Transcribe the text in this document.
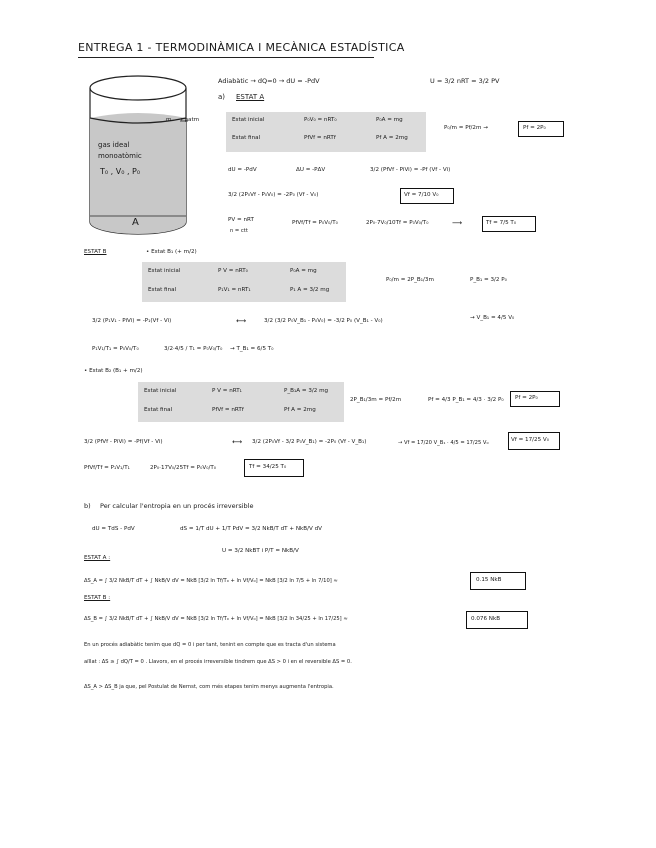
ENTREGA 1 - TERMODINÀMICA I MECÀNICA ESTADÍSTICA
m → patm
gas ideal
monoatòmic
T₀ , V₀ , P₀
A
Adiabàtic → dQ=0 → dU = -PdV	U = 3/2 nRT = 3/2 PV
a) ESTAT A
Estat inicial	P₀V₀ = nRT₀	P₀A = mg
Estat final	PfVf = nRTf	Pf A = 2mg
P₀/m = Pf/2m →	Pf = 2P₀
dU = -PdV	ΔU = -PΔV	3/2 (PfVf - PiVi) = -Pf (Vf - Vi)
3/2 (2P₀Vf - P₀V₀) = -2P₀ (Vf - V₀)	Vf = 7/10 V₀
PV = nRT
n = ctt
PfVf/Tf = P₀V₀/T₀	2P₀·7V₀/10Tf = P₀V₀/T₀	⟶	Tf = 7/5 T₀
ESTAT B	• Estat B₁ (+ m/2)
Estat inicial	P V = nRT₀	P₀A = mg
Estat final	P₁V₁ = nRT₁	P₁ A = 3/2 mg
P₀/m = 2P_B₁/3m	P_B₁ = 3/2 P₀
3/2 (P₁V₁ - PiVi) = -P₁(Vf - Vi)	⟷	3/2 (3/2 P₀V_B₁ - P₀V₀) = -3/2 P₀ (V_B₁ - V₀)	→ V_B₁ = 4/5 V₀
P₁V₁/T₁ = P₀V₀/T₀	3/2·4/5 / T₁ = P₀V₀/T₀ → T_B₁ = 6/5 T₀
• Estat B₂ (B₁ + m/2)
Estat inicial	P V = nRT₁	P_B₁A = 3/2 mg
Estat final	PfVf = nRTf	Pf A = 2mg
2P_B₁/3m = Pf/2m	Pf = 4/3 P_B₁ = 4/3 · 3/2 P₀ Pf = 2P₀
3/2 (PfVf - PiVi) = -Pf(Vf - Vi)	⟷ 3/2 (2P₀Vf - 3/2 P₀V_B₁) = -2P₀ (Vf - V_B₁)	→ Vf = 17/20 V_B₁ · 4/5 = 17/25 V₀	Vf = 17/25 V₀
PfVf/Tf = P₁V₁/T₁	2P₀·17V₀/25Tf = P₀V₀/T₀	Tf = 34/25 T₀
b) Per calcular l'entropia en un procés irreversible
dU = TdS - PdV	dS = 1/T dU + 1/T PdV = 3/2 NkB/T dT + NkB/V dV
ESTAT A :
U = 3/2 NkBT i P/T = NkB/V
ΔS_A = ∫ 3/2 NkB/T dT + ∫ NkB/V dV = NkB [3/2 ln Tf/T₀ + ln Vf/V₀] = NkB [3/2 ln 7/5 + ln 7/10] ≈	0.15 NkB
ESTAT B :
ΔS_B = ∫ 3/2 NkB/T dT + ∫ NkB/V dV = NkB [3/2 ln Tf/T₀ + ln Vf/V₀] = NkB [3/2 ln 34/25 + ln 17/25] ≈	0.076 NkB
En un procés adiabàtic tenim que dQ = 0 i per tant, tenint en compte que es tracta d'un sistema
aïllat : ΔS ≥ ∫ dQ/T = 0 . Llavors, en el procés irreversible tindrem que ΔS > 0 i en el reversible ΔS = 0.
ΔS_A > ΔS_B ja que, pel Postulat de Nernst, com més etapes tenim menys augmenta l'entropia.
